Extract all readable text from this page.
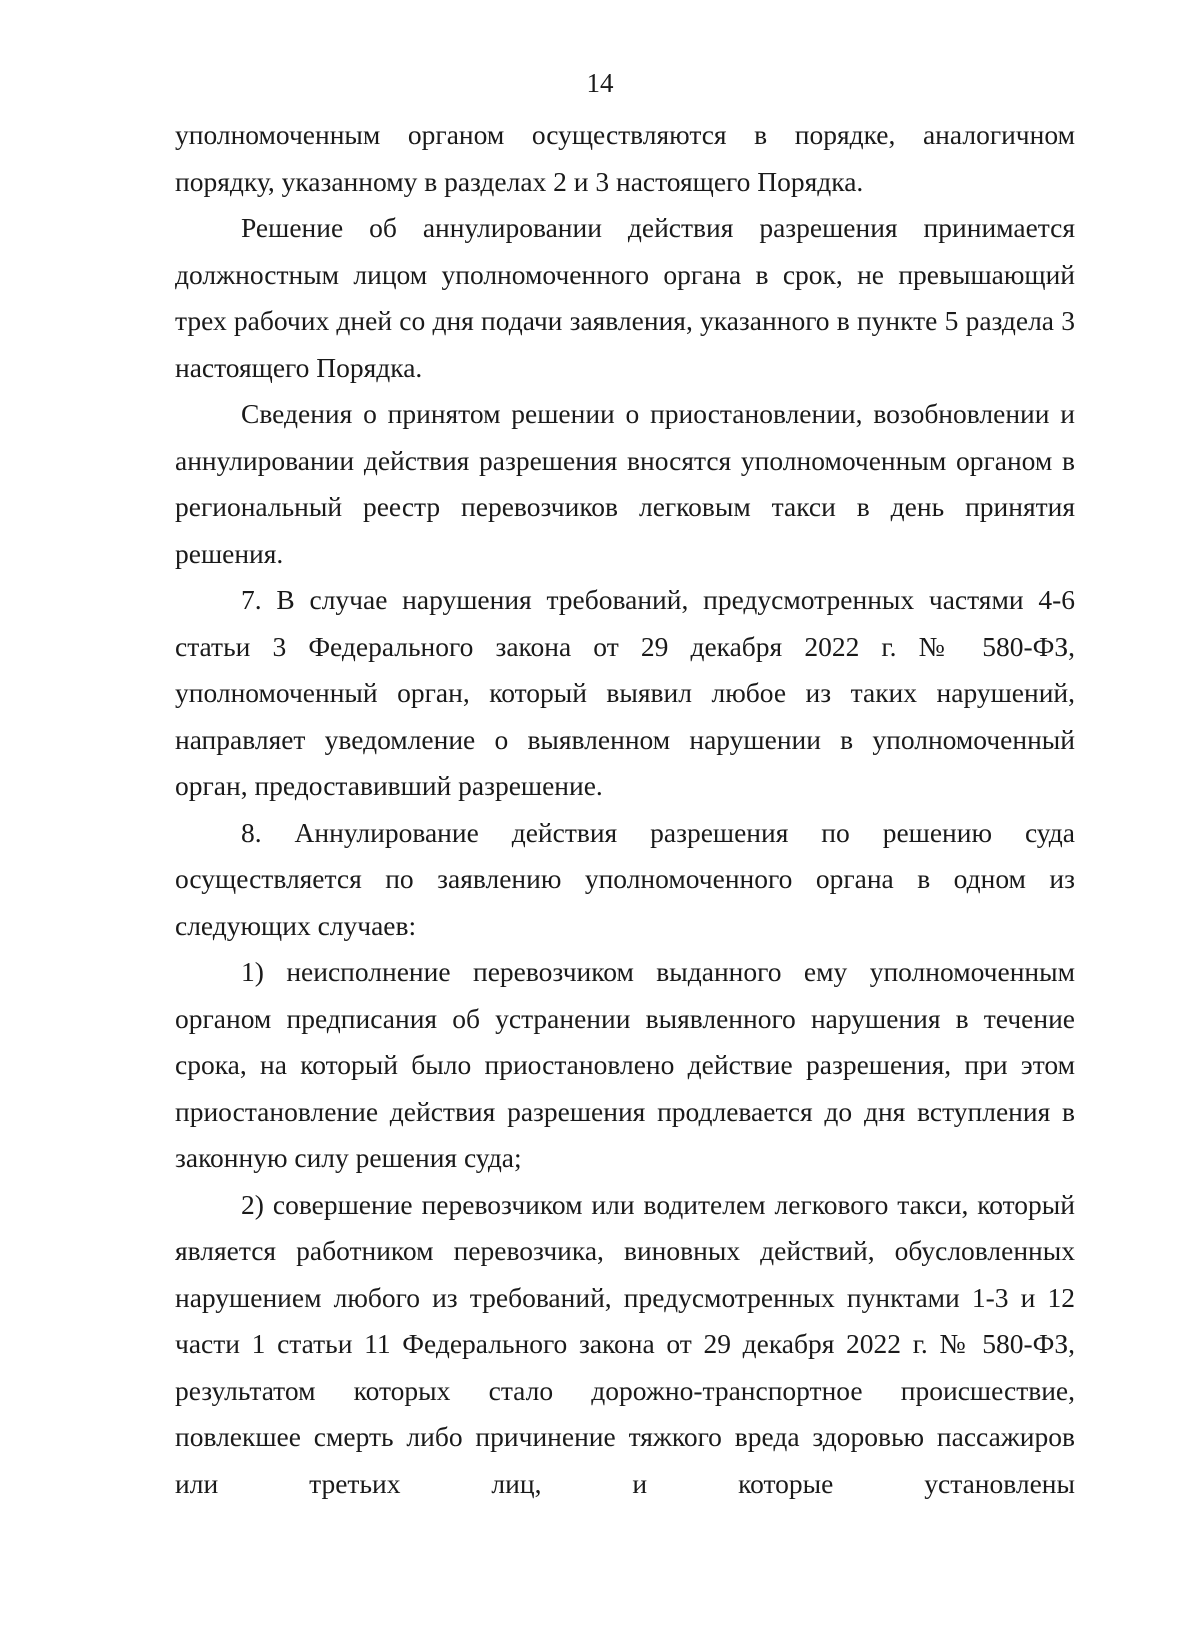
14

уполномоченным органом осуществляются в порядке, аналогичном порядку, указанному в разделах 2 и 3 настоящего Порядка.

Решение об аннулировании действия разрешения принимается должностным лицом уполномоченного органа в срок, не превышающий трех рабочих дней со дня подачи заявления, указанного в пункте 5 раздела 3 настоящего Порядка.

Сведения о принятом решении о приостановлении, возобновлении и аннулировании действия разрешения вносятся уполномоченным органом в региональный реестр перевозчиков легковым такси в день принятия решения.

7. В случае нарушения требований, предусмотренных частями 4-6 статьи 3 Федерального закона от 29 декабря 2022 г. № 580-ФЗ, уполномоченный орган, который выявил любое из таких нарушений, направляет уведомление о выявленном нарушении в уполномоченный орган, предоставивший разрешение.

8. Аннулирование действия разрешения по решению суда осуществляется по заявлению уполномоченного органа в одном из следующих случаев:

1) неисполнение перевозчиком выданного ему уполномоченным органом предписания об устранении выявленного нарушения в течение срока, на который было приостановлено действие разрешения, при этом приостановление действия разрешения продлевается до дня вступления в законную силу решения суда;

2) совершение перевозчиком или водителем легкового такси, который является работником перевозчика, виновных действий, обусловленных нарушением любого из требований, предусмотренных пунктами 1-3 и 12 части 1 статьи 11 Федерального закона от 29 декабря 2022 г. № 580-ФЗ, результатом которых стало дорожно-транспортное происшествие, повлекшее смерть либо причинение тяжкого вреда здоровью пассажиров или третьих лиц, и которые установлены
